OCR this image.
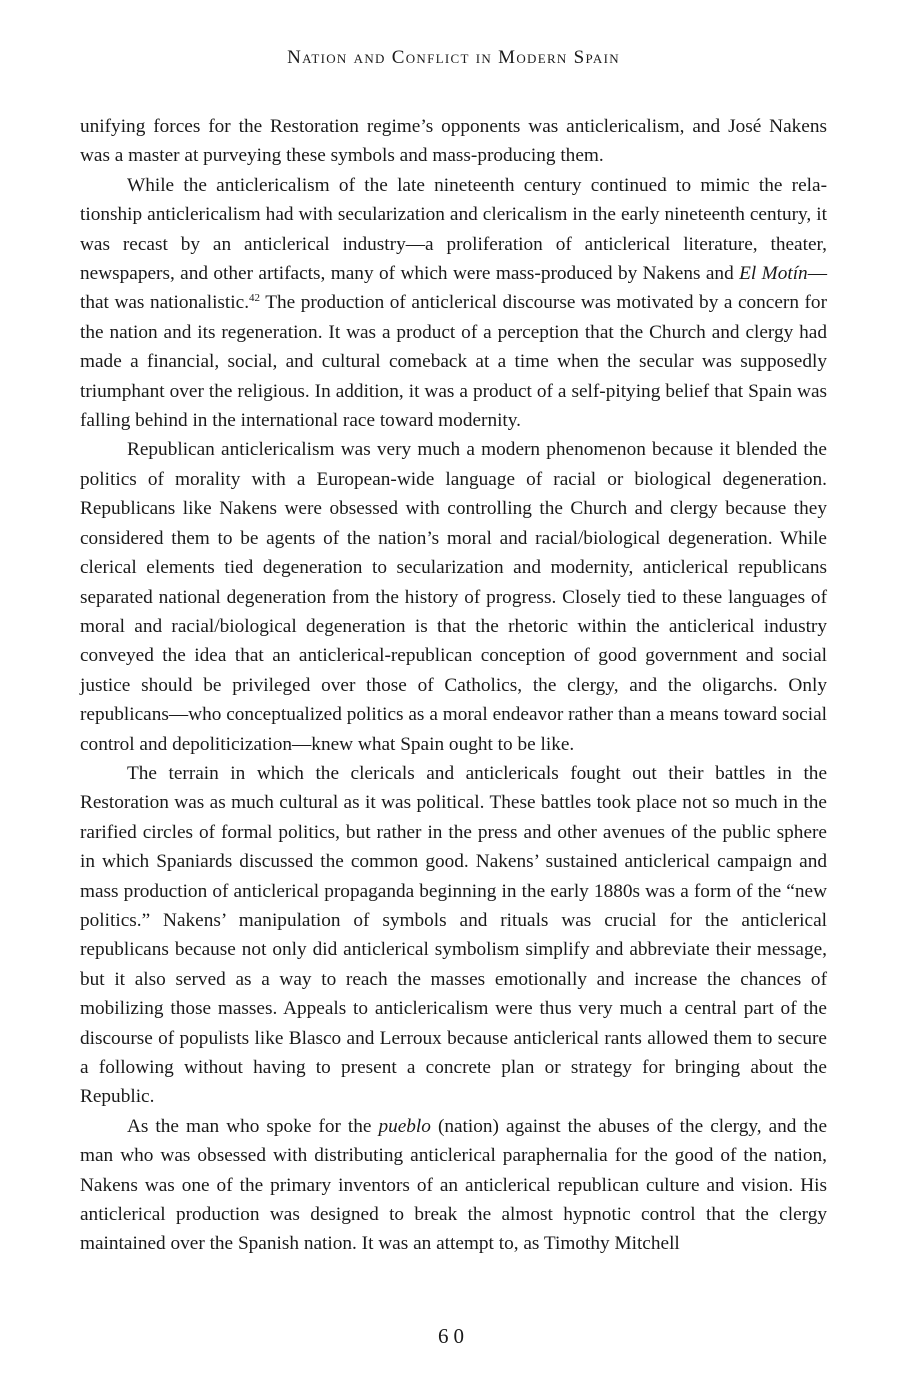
Nation and Conflict in Modern Spain

unifying forces for the Restoration regime’s opponents was anticlericalism, and José Nakens was a master at purveying these symbols and mass-producing them.

While the anticlericalism of the late nineteenth century continued to mimic the relationship anticlericalism had with secularization and clericalism in the early nineteenth century, it was recast by an anticlerical industry—a proliferation of anticlerical literature, theater, newspapers, and other artifacts, many of which were mass-produced by Nakens and El Motín— that was nationalistic.$^{42}$ The production of anticlerical discourse was motivated by a concern for the nation and its regeneration. It was a product of a perception that the Church and clergy had made a financial, social, and cultural comeback at a time when the secular was supposedly triumphant over the religious. In addition, it was a product of a self-pitying belief that Spain was falling behind in the international race toward modernity.

Republican anticlericalism was very much a modern phenomenon because it blended the politics of morality with a European-wide language of racial or biological degeneration. Republicans like Nakens were obsessed with controlling the Church and clergy because they considered them to be agents of the nation’s moral and racial/biological degeneration. While clerical elements tied degeneration to secularization and modernity, anticlerical republicans separated national degeneration from the history of progress. Closely tied to these languages of moral and racial/biological degeneration is that the rhetoric within the anticlerical industry conveyed the idea that an anticlerical-republican conception of good government and social justice should be privileged over those of Catholics, the clergy, and the oligarchs. Only republicans—who conceptualized politics as a moral endeavor rather than a means toward social control and depoliticization—knew what Spain ought to be like.

The terrain in which the clericals and anticlericals fought out their battles in the Restoration was as much cultural as it was political. These battles took place not so much in the rarified circles of formal politics, but rather in the press and other avenues of the public sphere in which Spaniards discussed the common good. Nakens’ sustained anticlerical campaign and mass production of anticlerical propaganda beginning in the early 1880s was a form of the “new politics.” Nakens’ manipulation of symbols and rituals was crucial for the anticlerical republicans because not only did anticlerical symbolism simplify and abbreviate their message, but it also served as a way to reach the masses emotionally and increase the chances of mobilizing those masses. Appeals to anticlericalism were thus very much a central part of the discourse of populists like Blasco and Lerroux because anticlerical rants allowed them to secure a following without having to present a concrete plan or strategy for bringing about the Republic.

As the man who spoke for the pueblo (nation) against the abuses of the clergy, and the man who was obsessed with distributing anticlerical paraphernalia for the good of the nation, Nakens was one of the primary inventors of an anticlerical republican culture and vision. His anticlerical production was designed to break the almost hypnotic control that the clergy maintained over the Spanish nation. It was an attempt to, as Timothy Mitchell

60
